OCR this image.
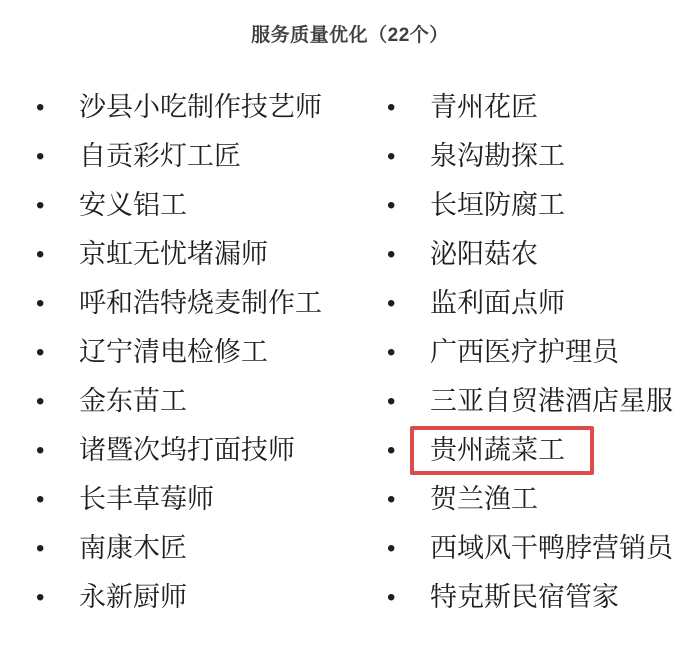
服务质量优化（22个）
•	沙县小吃制作技艺师
•	自贡彩灯工匠
•	安义铝工
•	京虹无忧堵漏师
•	呼和浩特烧麦制作工
•	辽宁清电检修工
•	金东苗工
•	诸暨次坞打面技师
•	长丰草莓师
•	南康木匠
•	永新厨师
•	青州花匠
•	泉沟勘探工
•	长垣防腐工
•	泌阳菇农
•	监利面点师
•	广西医疗护理员
•	三亚自贸港酒店星服
•	贵州蔬菜工
•	贺兰渔工
•	西域风干鸭脖营销员
•	特克斯民宿管家
